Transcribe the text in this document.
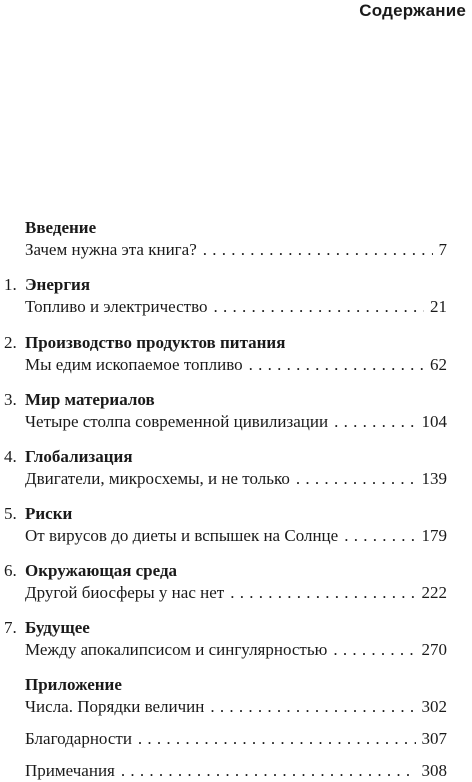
Содержание
Введение
Зачем нужна эта книга? . . .	7
1. Энергия
Топливо и электричество . . .	21
2. Производство продуктов питания
Мы едим ископаемое топливо . . .	62
3. Мир материалов
Четыре столпа современной цивилизации . . .	104
4. Глобализация
Двигатели, микросхемы, и не только . . .	139
5. Риски
От вирусов до диеты и вспышек на Солнце . . .	179
6. Окружающая среда
Другой биосферы у нас нет . . .	222
7. Будущее
Между апокалипсисом и сингулярностью . . .	270
Приложение
Числа. Порядки величин . . .	302
Благодарности . . .	307
Примечания . . .	308
